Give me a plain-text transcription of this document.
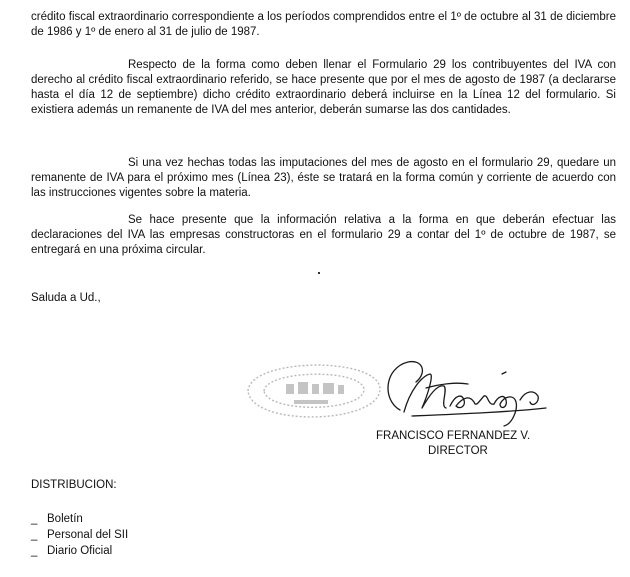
crédito fiscal extraordinario correspondiente a los períodos comprendidos entre el 1º de octubre al 31 de diciembre de 1986 y 1º de enero al 31 de julio de 1987.

Respecto de la forma como deben llenar el Formulario 29 los contribuyentes del IVA con derecho al crédito fiscal extraordinario referido, se hace presente que por el mes de agosto de 1987 (a declararse hasta el día 12 de septiembre) dicho crédito extraordinario deberá incluirse en la Línea 12 del formulario. Si existiera además un remanente de IVA del mes anterior, deberán sumarse las dos cantidades.

Si una vez hechas todas las imputaciones del mes de agosto en el formulario 29, quedare un remanente de IVA para el próximo mes (Línea 23), éste se tratará en la forma común y corriente de acuerdo con las instrucciones vigentes sobre la materia.

Se hace presente que la información relativa a la forma en que deberán efectuar las declaraciones del IVA las empresas constructoras en el formulario 29 a contar del 1º de octubre de 1987, se entregará en una próxima circular.

Saluda a Ud.,

FRANCISCO FERNANDEZ V.

DIRECTOR

DISTRIBUCION:

_ Boletín
_ Personal del SII
_ Diario Oficial
